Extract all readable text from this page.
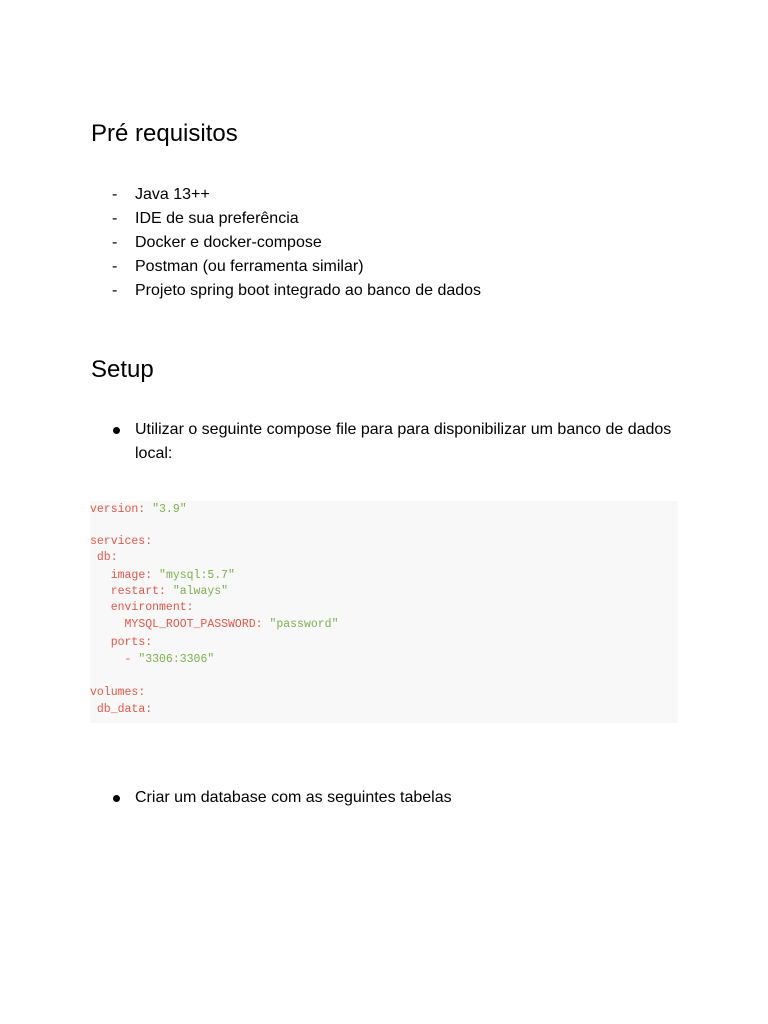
Pré requisitos
- Java 13++
- IDE de sua preferência
- Docker e docker-compose
- Postman (ou ferramenta similar)
- Projeto spring boot integrado ao banco de dados
Setup
Utilizar o seguinte compose file para para disponibilizar um banco de dados local:
version: "3.9"
services:
db:
image: "mysql:5.7"
restart: "always"
environment:
MYSQL_ROOT_PASSWORD: "password"
ports:
- "3306:3306"
volumes:
db_data:
Criar um database com as seguintes tabelas
